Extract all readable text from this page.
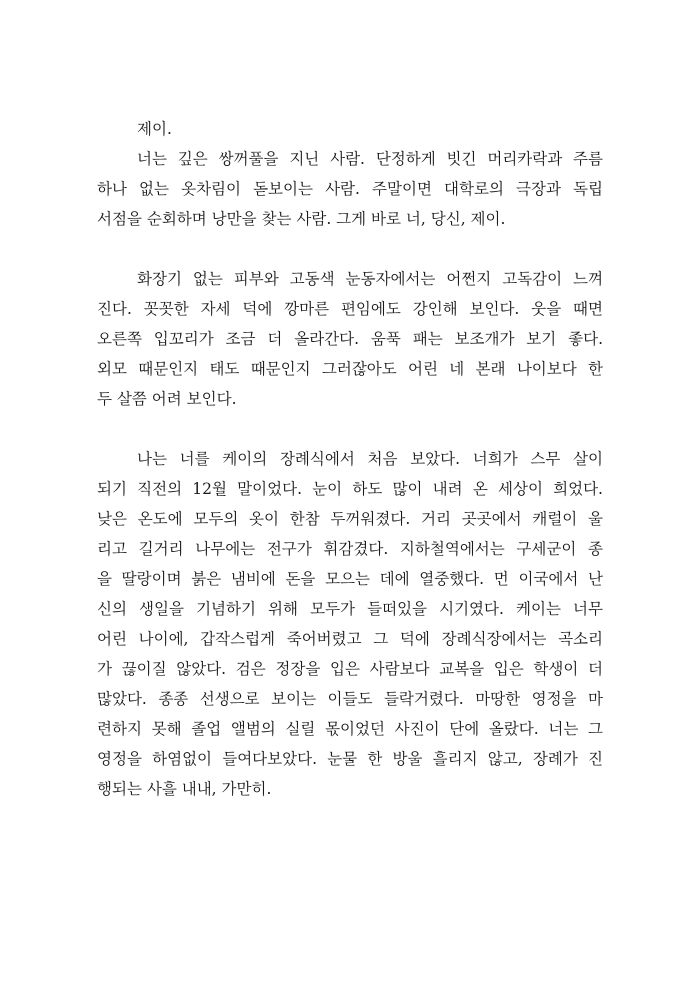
제이.
너는 깊은 쌍꺼풀을 지닌 사람. 단정하게 빗긴 머리카락과 주름
하나 없는 옷차림이 돋보이는 사람. 주말이면 대학로의 극장과 독립
서점을 순회하며 낭만을 찾는 사람. 그게 바로 너, 당신, 제이.
화장기 없는 피부와 고동색 눈동자에서는 어쩐지 고독감이 느껴
진다. 꼿꼿한 자세 덕에 깡마른 편임에도 강인해 보인다. 웃을 때면
오른쪽 입꼬리가 조금 더 올라간다. 움푹 패는 보조개가 보기 좋다.
외모 때문인지 태도 때문인지 그러잖아도 어린 네 본래 나이보다 한
두 살쯤 어려 보인다.
나는 너를 케이의 장례식에서 처음 보았다. 너희가 스무 살이
되기 직전의 12월 말이었다. 눈이 하도 많이 내려 온 세상이 희었다.
낮은 온도에 모두의 옷이 한참 두꺼워졌다. 거리 곳곳에서 캐럴이 울
리고 길거리 나무에는 전구가 휘감겼다. 지하철역에서는 구세군이 종
을 딸랑이며 붉은 냄비에 돈을 모으는 데에 열중했다. 먼 이국에서 난
신의 생일을 기념하기 위해 모두가 들떠있을 시기였다. 케이는 너무
어린 나이에, 갑작스럽게 죽어버렸고 그 덕에 장례식장에서는 곡소리
가 끊이질 않았다. 검은 정장을 입은 사람보다 교복을 입은 학생이 더
많았다. 종종 선생으로 보이는 이들도 들락거렸다. 마땅한 영정을 마
련하지 못해 졸업 앨범의 실릴 몫이었던 사진이 단에 올랐다. 너는 그
영정을 하염없이 들여다보았다. 눈물 한 방울 흘리지 않고, 장례가 진
행되는 사흘 내내, 가만히.
